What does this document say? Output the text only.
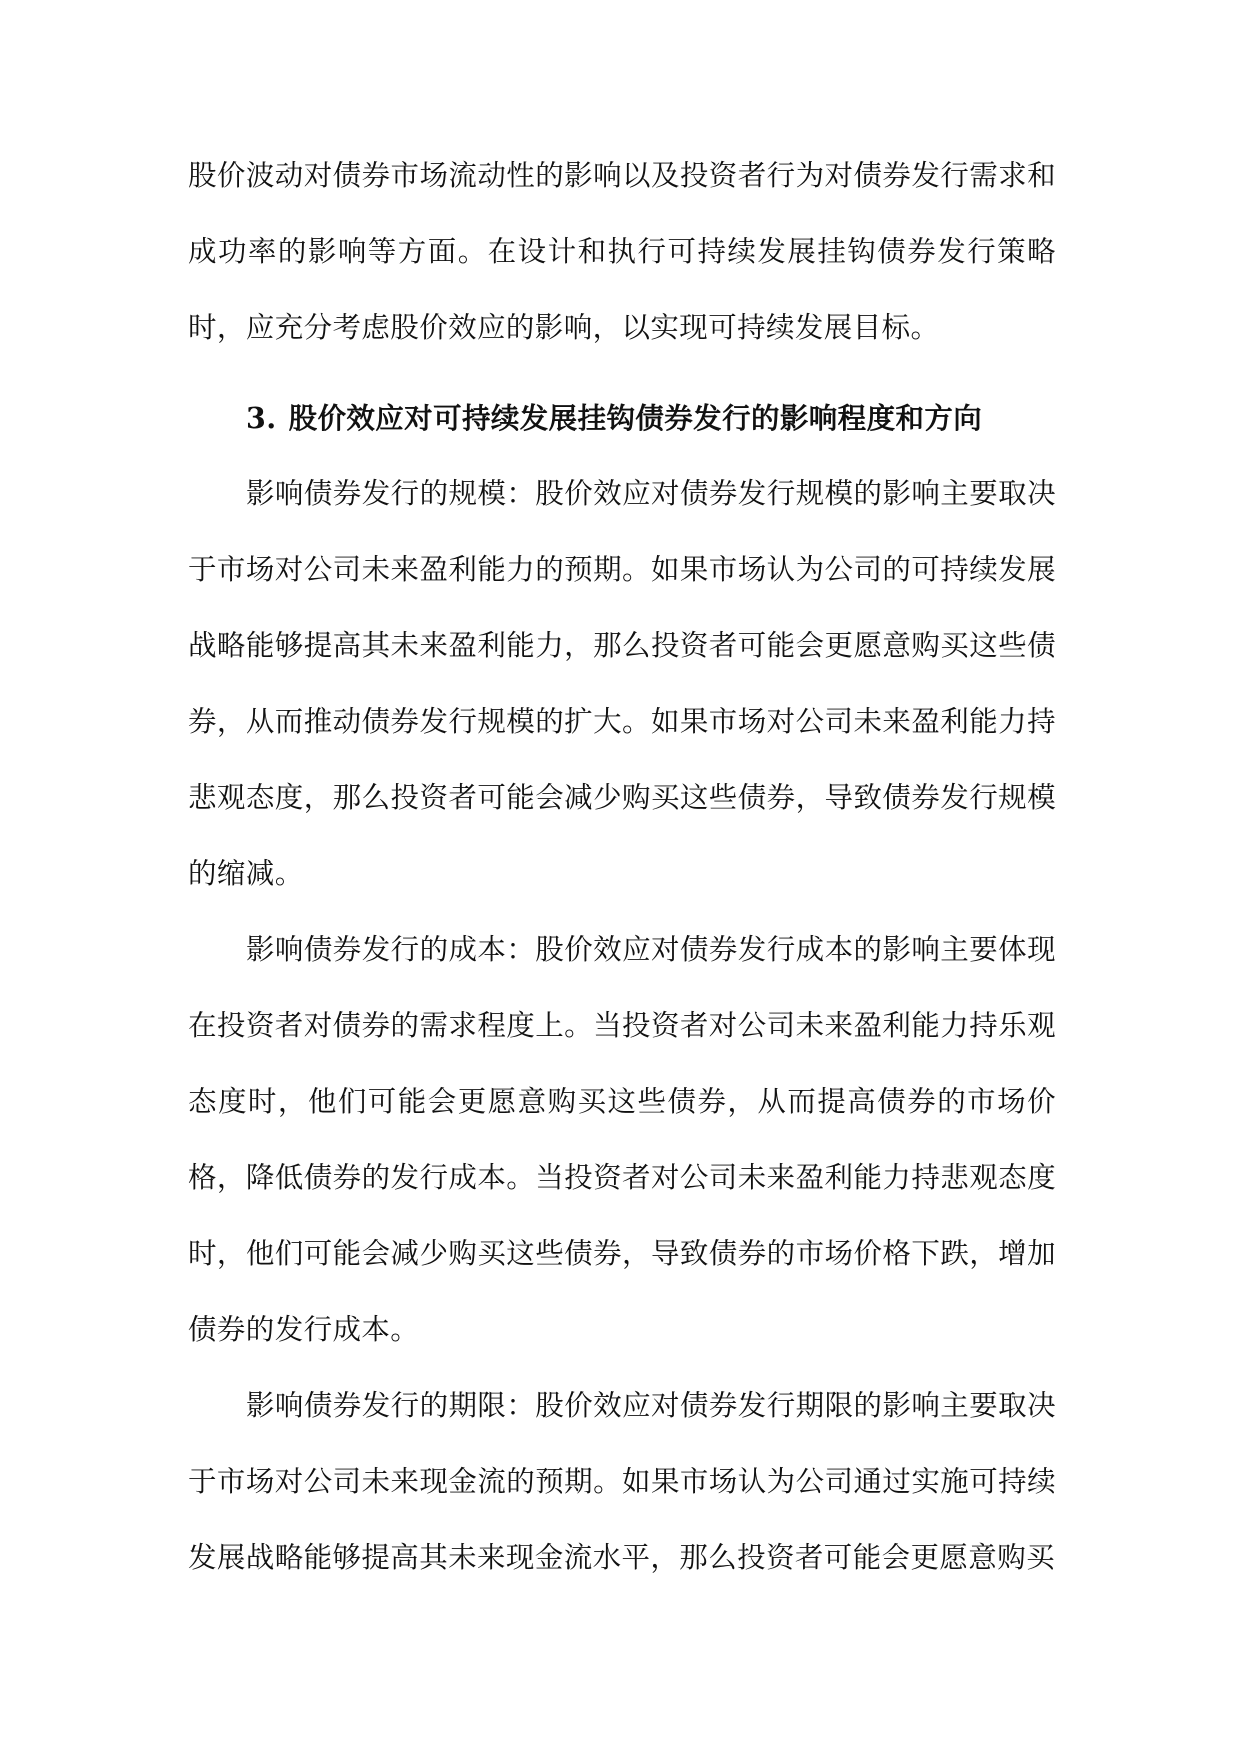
股价波动对债券市场流动性的影响以及投资者行为对债券发行需求和成功率的影响等方面。在设计和执行可持续发展挂钩债券发行策略时，应充分考虑股价效应的影响，以实现可持续发展目标。

3. 股价效应对可持续发展挂钩债券发行的影响程度和方向

影响债券发行的规模：股价效应对债券发行规模的影响主要取决于市场对公司未来盈利能力的预期。如果市场认为公司的可持续发展战略能够提高其未来盈利能力，那么投资者可能会更愿意购买这些债券，从而推动债券发行规模的扩大。如果市场对公司未来盈利能力持悲观态度，那么投资者可能会减少购买这些债券，导致债券发行规模的缩减。

影响债券发行的成本：股价效应对债券发行成本的影响主要体现在投资者对债券的需求程度上。当投资者对公司未来盈利能力持乐观态度时，他们可能会更愿意购买这些债券，从而提高债券的市场价格，降低债券的发行成本。当投资者对公司未来盈利能力持悲观态度时，他们可能会减少购买这些债券，导致债券的市场价格下跌，增加债券的发行成本。

影响债券发行的期限：股价效应对债券发行期限的影响主要取决于市场对公司未来现金流的预期。如果市场认为公司通过实施可持续发展战略能够提高其未来现金流水平，那么投资者可能会更愿意购买
